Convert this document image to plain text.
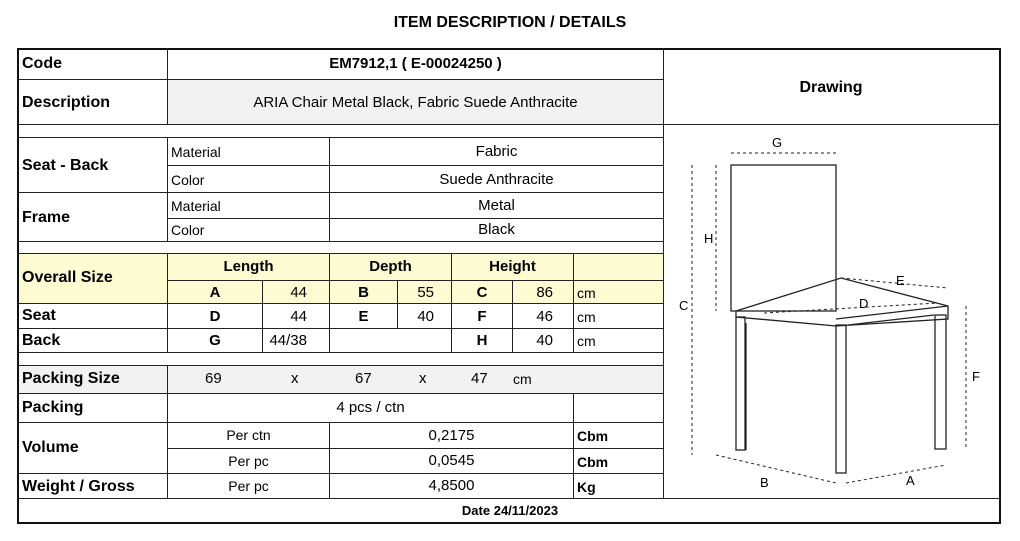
ITEM DESCRIPTION / DETAILS
Code	EM7912,1 ( E-00024250 )
Description	ARIA Chair Metal Black, Fabric Suede Anthracite
Drawing
Seat - Back
Material	Fabric
Color	Suede Anthracite
Frame
Material	Metal
Color	Black
Overall Size
Length	Depth	Height
A	44	B	55	C	86 cm
Seat	D	44	E	40	F	46 cm
Back	G	44/38	H	40 cm
Packing Size	69	x	67	x	47 cm
Packing	4 pcs / ctn
Volume
Per ctn	0,2175	Cbm
Per pc	0,0545	Cbm
Weight / Gross	Per pc	4,8500	Kg
Date 24/11/2023
G
H
C
E
D
F
B	A
